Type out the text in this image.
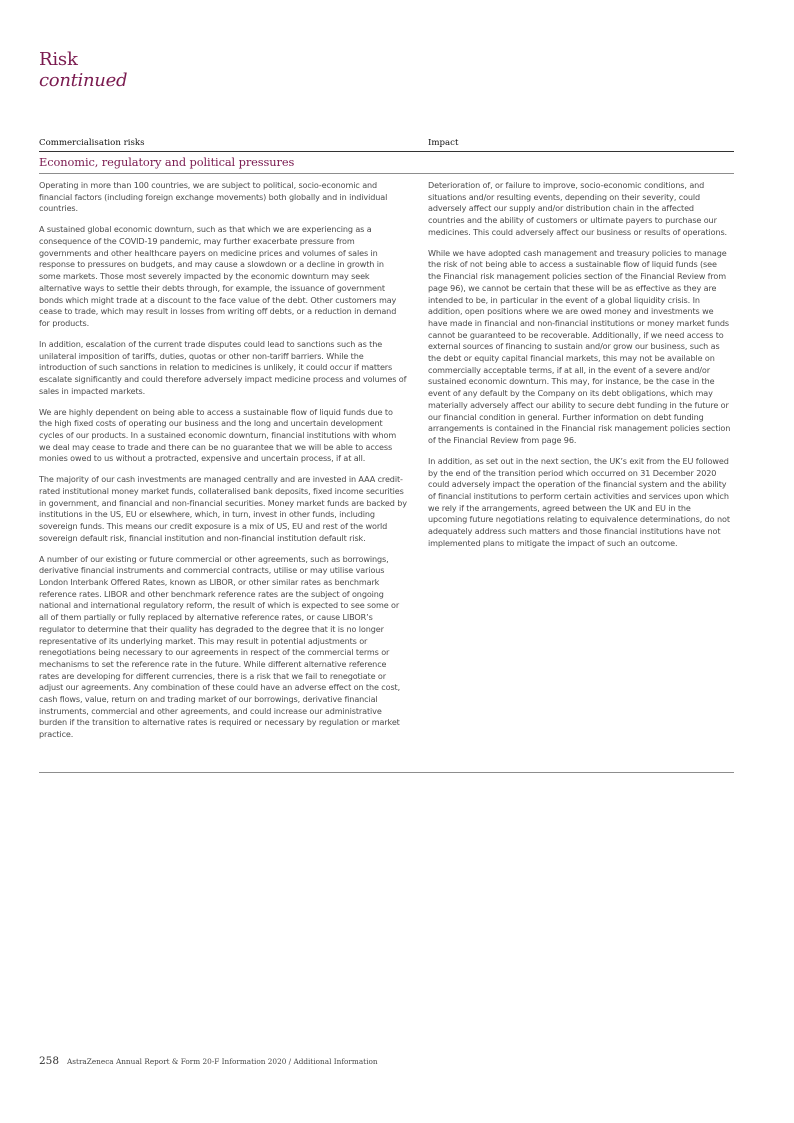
Risk
continued
Commercialisation risks	Impact
Economic, regulatory and political pressures

Operating in more than 100 countries, we are subject to political, socio-economic and financial factors (including foreign exchange movements) both globally and in individual countries.

A sustained global economic downturn, such as that which we are experiencing as a consequence of the COVID-19 pandemic, may further exacerbate pressure from governments and other healthcare payers on medicine prices and volumes of sales in response to pressures on budgets, and may cause a slowdown or a decline in growth in some markets. Those most severely impacted by the economic downturn may seek alternative ways to settle their debts through, for example, the issuance of government bonds which might trade at a discount to the face value of the debt. Other customers may cease to trade, which may result in losses from writing off debts, or a reduction in demand for products.

In addition, escalation of the current trade disputes could lead to sanctions such as the unilateral imposition of tariffs, duties, quotas or other non-tariff barriers. While the introduction of such sanctions in relation to medicines is unlikely, it could occur if matters escalate significantly and could therefore adversely impact medicine process and volumes of sales in impacted markets.

We are highly dependent on being able to access a sustainable flow of liquid funds due to the high fixed costs of operating our business and the long and uncertain development cycles of our products. In a sustained economic downturn, financial institutions with whom we deal may cease to trade and there can be no guarantee that we will be able to access monies owed to us without a protracted, expensive and uncertain process, if at all.

The majority of our cash investments are managed centrally and are invested in AAA credit-rated institutional money market funds, collateralised bank deposits, fixed income securities in government, and financial and non-financial securities. Money market funds are backed by institutions in the US, EU or elsewhere, which, in turn, invest in other funds, including sovereign funds. This means our credit exposure is a mix of US, EU and rest of the world sovereign default risk, financial institution and non-financial institution default risk.

A number of our existing or future commercial or other agreements, such as borrowings, derivative financial instruments and commercial contracts, utilise or may utilise various London Interbank Offered Rates, known as LIBOR, or other similar rates as benchmark reference rates. LIBOR and other benchmark reference rates are the subject of ongoing national and international regulatory reform, the result of which is expected to see some or all of them partially or fully replaced by alternative reference rates, or cause LIBOR’s regulator to determine that their quality has degraded to the degree that it is no longer representative of its underlying market. This may result in potential adjustments or renegotiations being necessary to our agreements in respect of the commercial terms or mechanisms to set the reference rate in the future. While different alternative reference rates are developing for different currencies, there is a risk that we fail to renegotiate or adjust our agreements. Any combination of these could have an adverse effect on the cost, cash flows, value, return on and trading market of our borrowings, derivative financial instruments, commercial and other agreements, and could increase our administrative burden if the transition to alternative rates is required or necessary by regulation or market practice.

Deterioration of, or failure to improve, socio-economic conditions, and situations and/or resulting events, depending on their severity, could adversely affect our supply and/or distribution chain in the affected countries and the ability of customers or ultimate payers to purchase our medicines. This could adversely affect our business or results of operations.

While we have adopted cash management and treasury policies to manage the risk of not being able to access a sustainable flow of liquid funds (see the Financial risk management policies section of the Financial Review from page 96), we cannot be certain that these will be as effective as they are intended to be, in particular in the event of a global liquidity crisis. In addition, open positions where we are owed money and investments we have made in financial and non-financial institutions or money market funds cannot be guaranteed to be recoverable. Additionally, if we need access to external sources of financing to sustain and/or grow our business, such as the debt or equity capital financial markets, this may not be available on commercially acceptable terms, if at all, in the event of a severe and/or sustained economic downturn. This may, for instance, be the case in the event of any default by the Company on its debt obligations, which may materially adversely affect our ability to secure debt funding in the future or our financial condition in general. Further information on debt funding arrangements is contained in the Financial risk management policies section of the Financial Review from page 96.

In addition, as set out in the next section, the UK’s exit from the EU followed by the end of the transition period which occurred on 31 December 2020 could adversely impact the operation of the financial system and the ability of financial institutions to perform certain activities and services upon which we rely if the arrangements, agreed between the UK and EU in the upcoming future negotiations relating to equivalence determinations, do not adequately address such matters and those financial institutions have not implemented plans to mitigate the impact of such an outcome.

258 AstraZeneca Annual Report & Form 20-F Information 2020 / Additional Information
